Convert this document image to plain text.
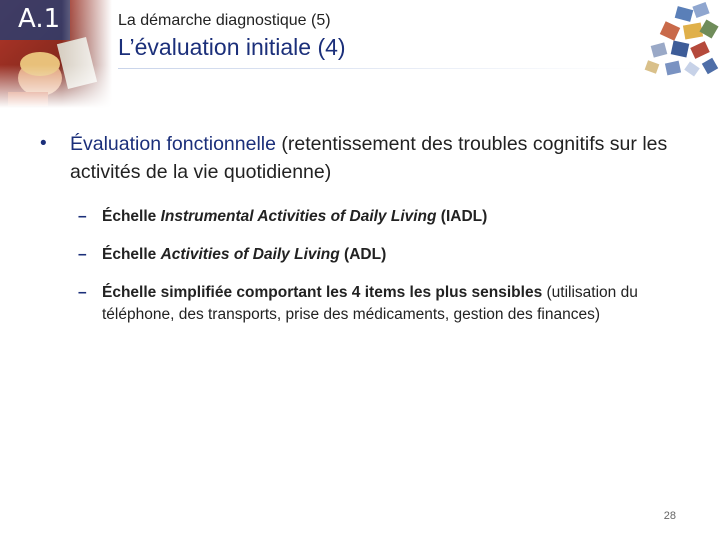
A.1	La démarche diagnostique (5)
L’évaluation initiale (4)
•	Évaluation fonctionnelle (retentissement des troubles cognitifs sur les activités de la vie quotidienne)
– Échelle Instrumental Activities of Daily Living (IADL)
– Échelle Activities of Daily Living (ADL)
– Échelle simplifiée comportant les 4 items les plus sensibles (utilisation du téléphone, des transports, prise des médicaments, gestion des finances)
28
